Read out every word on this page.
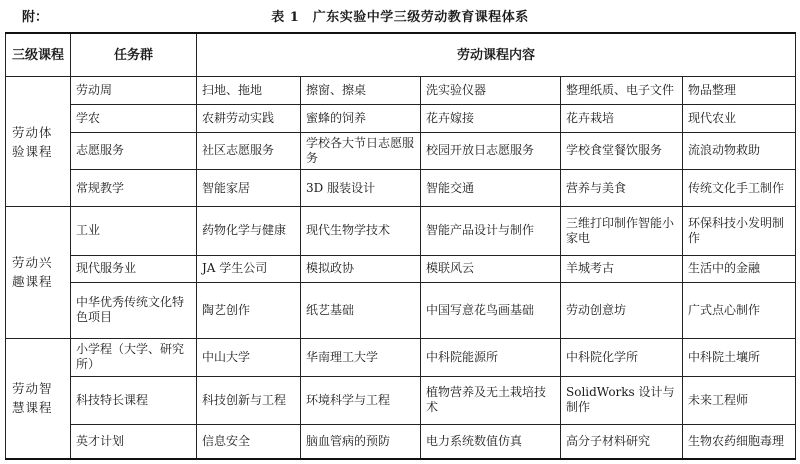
附：	表 1　广东实验中学三级劳动教育课程体系
三级课程	任务群	劳动课程内容				
劳动体验课程	劳动周	扫地、拖地	擦窗、擦桌	洗实验仪器	整理纸质、电子文件	物品整理
	学农	农耕劳动实践	蜜蜂的饲养	花卉嫁接	花卉栽培	现代农业
	志愿服务	社区志愿服务	学校各大节日志愿服务	校园开放日志愿服务	学校食堂餐饮服务	流浪动物救助
	常规教学	智能家居	3D 服装设计	智能交通	营养与美食	传统文化手工制作
劳动兴趣课程	工业	药物化学与健康	现代生物学技术	智能产品设计与制作	三维打印制作智能小家电	环保科技小发明制作
	现代服务业	JA 学生公司	模拟政协	模联风云	羊城考古	生活中的金融
	中华优秀传统文化特色项目	陶艺创作	纸艺基础	中国写意花鸟画基础	劳动创意坊	广式点心制作
劳动智慧课程	小学程（大学、研究所）	中山大学	华南理工大学	中科院能源所	中科院化学所	中科院土壤所
	科技特长课程	科技创新与工程	环境科学与工程	植物营养及无土栽培技术	SolidWorks 设计与制作	未来工程师
	英才计划	信息安全	脑血管病的预防	电力系统数值仿真	高分子材料研究	生物农药细胞毒理
